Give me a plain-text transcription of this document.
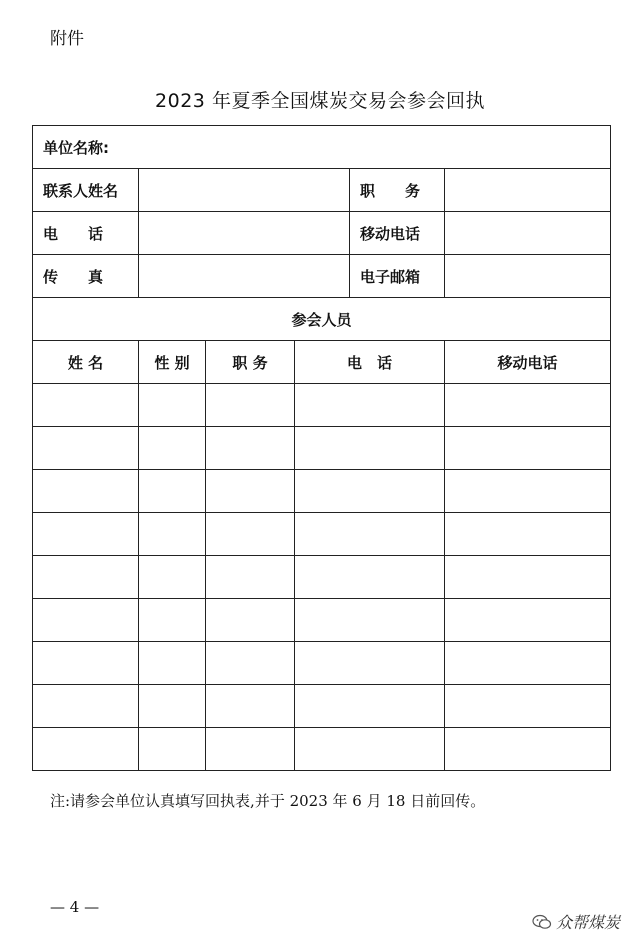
附件
2023 年夏季全国煤炭交易会参会回执
单位名称:					
联系人姓名				职　　务	
电　　话				移动电话	
传　　真				电子邮箱	
参会人员					
姓 名	性 别	职 务	电　话		移动电话

注:请参会单位认真填写回执表,并于 2023 年 6 月 18 日前回传。
— 4 —
众帮煤炭
